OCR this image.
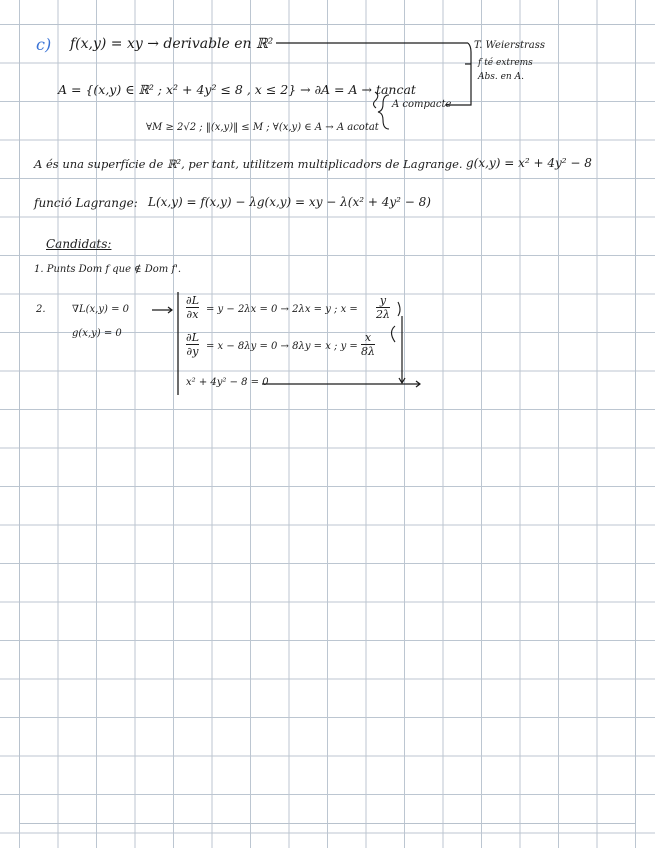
c) f(x,y) = xy → derivable en ℝ²	T. Weierstrass
f té extrems
Abs. en A.
A = {(x,y) ∈ ℝ² ; x² + 4y² ≤ 8 , x ≤ 2} → ∂A = A → tancat
A compacte
∀M ≥ 2√2 ; ‖(x,y)‖ ≤ M ; ∀(x,y) ∈ A → A acotat
A és una superfície de ℝ², per tant, utilitzem multiplicadors de Lagrange. g(x,y) = x² + 4y² − 8
funció Lagrange: L(x,y) = f(x,y) − λg(x,y) = xy − λ(x² + 4y² − 8)
Candidats:
1. Punts Dom f que ∉ Dom f'.
2.	∇L(x,y) = 0
g(x,y) = 0
∂L
∂x = y − 2λx = 0 → 2λx = y ; x =
y
2λ
∂L
∂y = x − 8λy = 0 → 8λy = x ; y =
x
8λ
x² + 4y² − 8 = 0
